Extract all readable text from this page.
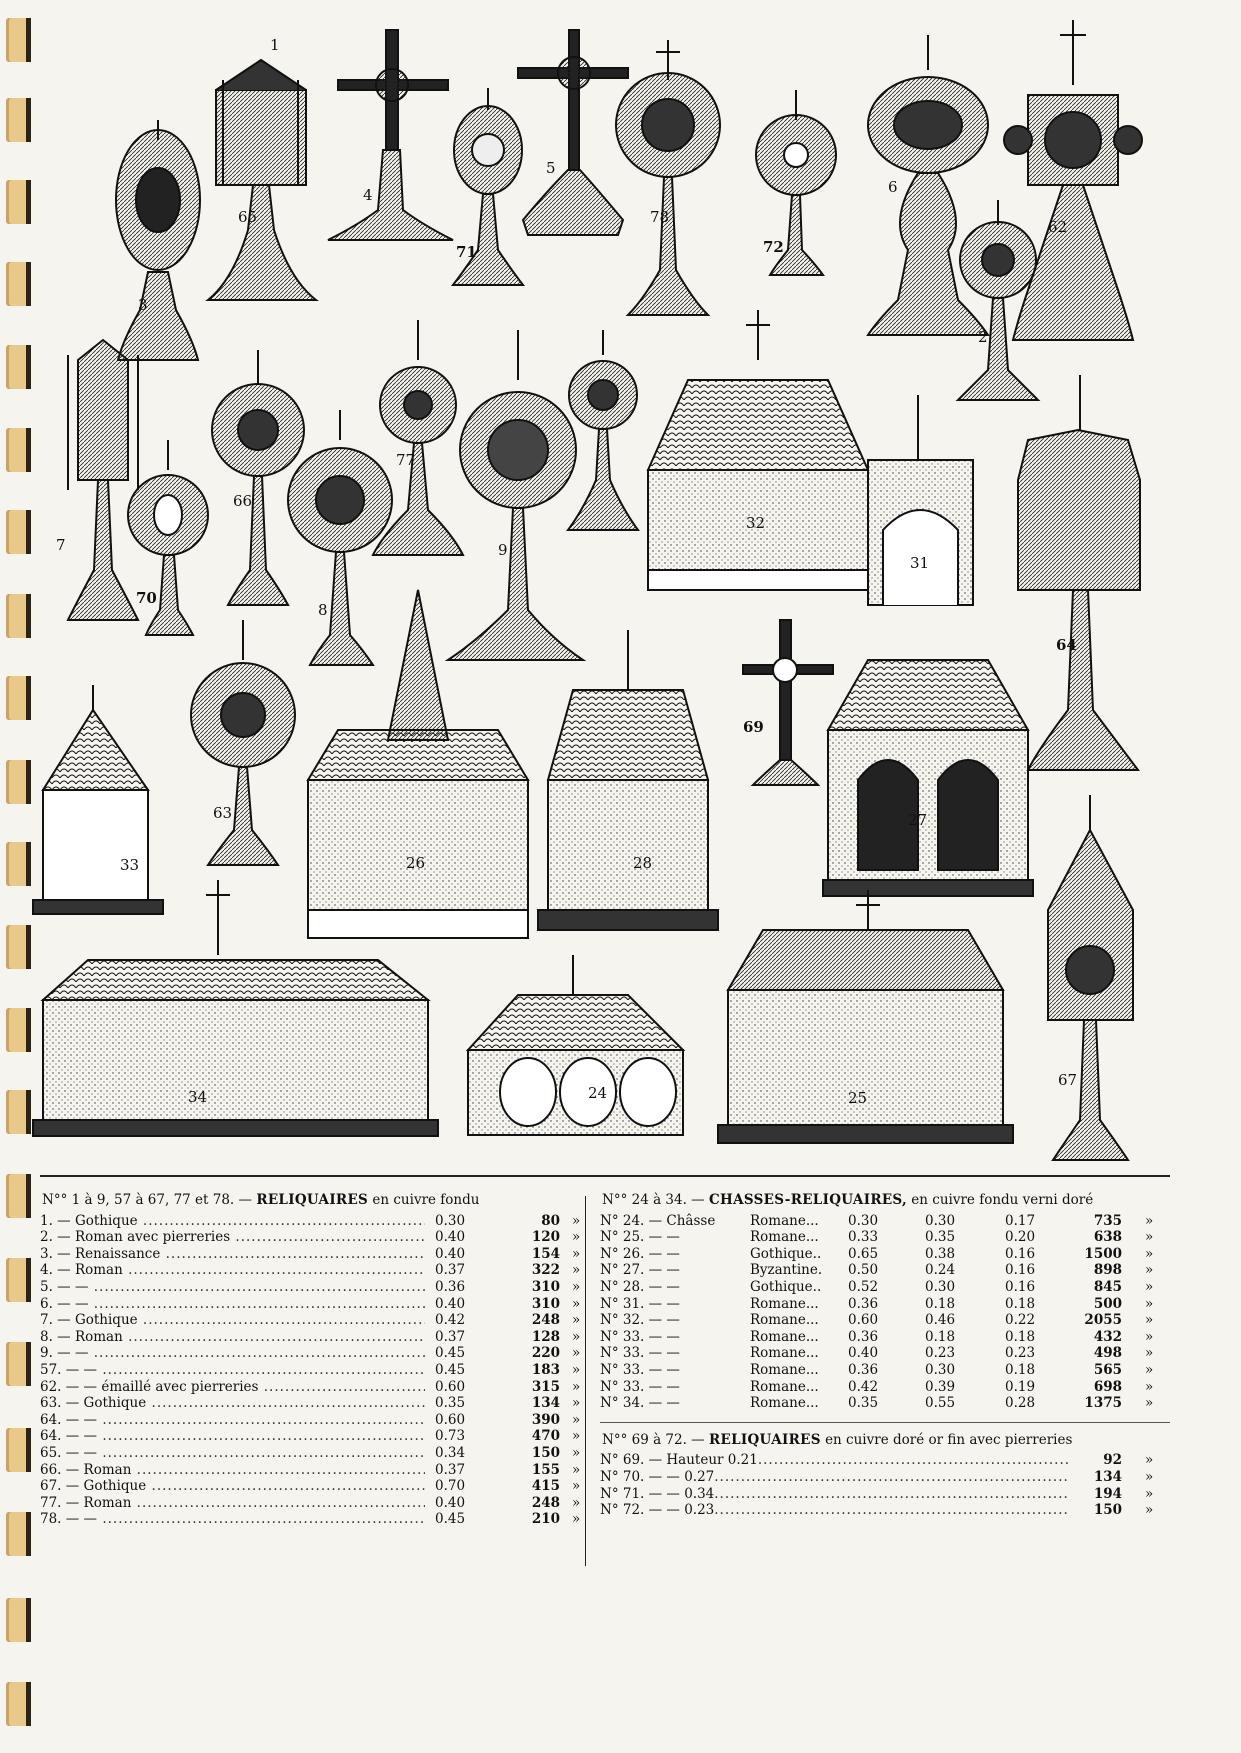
3
65
4
71
5
78
72
6
62
2
7
70
66
8
77
9
1
32
31
64
69
27
63
33	26	28
67
34	24	25
N°° 1 à 9, 57 à 67, 77 et 78. — RELIQUAIRES en cuivre fondu
1. — Gothique .....	0.30	80 »
2. — Roman avec pierreries .....	0.40	120 »
3. — Renaissance .....	0.40	154 »
4. — Roman .....	0.37	322 »
5. — — .....	0.36	310 »
6. — — .....	0.40	310 »
7. — Gothique .....	0.42	248 »
8. — Roman .....	0.37	128 »
9. — — .....	0.45	220 »
57. — — .....	0.45	183 »
62. — — émaillé avec pierreries .....	0.60	315 »
63. — Gothique .....	0.35	134 »
64. — — .....	0.60	390 »
64. — — .....	0.73	470 »
65. — — .....	0.34	150 »
66. — Roman .....	0.37	155 »
67. — Gothique .....	0.70	415 »
77. — Roman .....	0.40	248 »
78. — — .....	0.45	210 »
N°° 24 à 34. — CHASSES-RELIQUAIRES, en cuivre fondu verni doré
N° 24. — Châsse	Romane... 0.30	0.30	0.17	735 »
N° 25. — —	Romane... 0.33	0.35	0.20	638 »
N° 26. — —	Gothique.. 0.65	0.38	0.16	1500 »
N° 27. — —	Byzantine. 0.50	0.24	0.16	898 »
N° 28. — —	Gothique.. 0.52	0.30	0.16	845 »
N° 31. — —	Romane... 0.36	0.18	0.18	500 »
N° 32. — —	Romane... 0.60	0.46	0.22	2055 »
N° 33. — —	Romane... 0.36	0.18	0.18	432 »
N° 33. — —	Romane... 0.40	0.23	0.23	498 »
N° 33. — —	Romane... 0.36	0.30	0.18	565 »
N° 33. — —	Romane... 0.42	0.39	0.19	698 »
N° 34. — —	Romane... 0.35	0.55	0.28	1375 »
N°° 69 à 72. — RELIQUAIRES en cuivre doré or fin avec pierreries
N° 69. — Hauteur 0.21 .....	92 »
N° 70. — — 0.27 .....	134 »
N° 71. — — 0.34 .....	194 »
N° 72. — — 0.23 .....	150 »
